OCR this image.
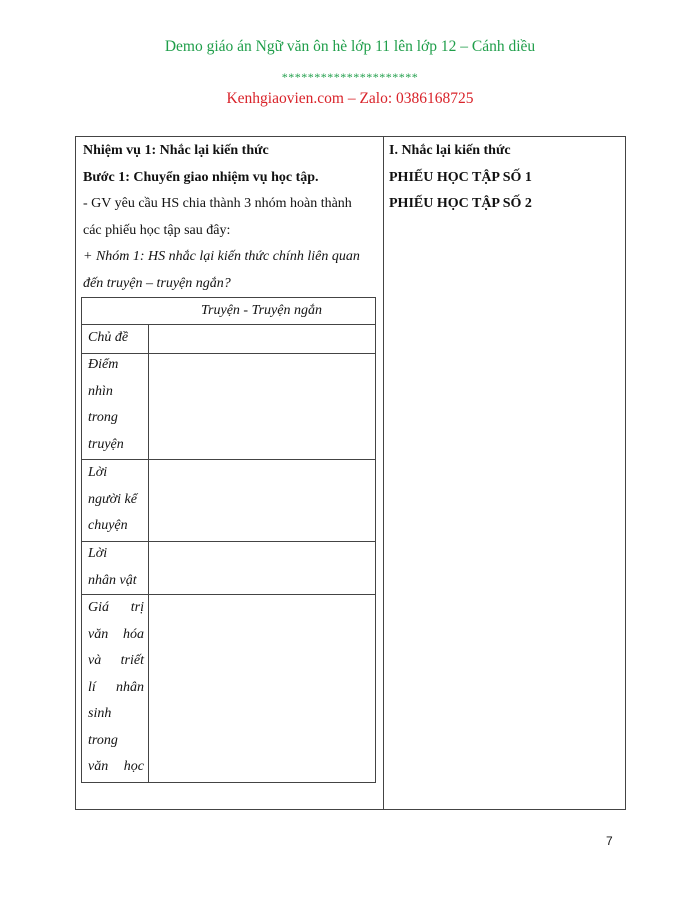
Demo giáo án Ngữ văn ôn hè lớp 11 lên lớp 12 – Cánh diều
*********************
Kenhgiaovien.com – Zalo: 0386168725
Nhiệm vụ 1: Nhắc lại kiến thức
Bước 1: Chuyển giao nhiệm vụ học tập.
- GV yêu cầu HS chia thành 3 nhóm hoàn thành
các phiếu học tập sau đây:
+ Nhóm 1: HS nhắc lại kiến thức chính liên quan
đến truyện – truyện ngắn?
Truyện - Truyện ngắn
Chủ đề
Điểm
nhìn
trong
truyện
Lời
người kể
chuyện
Lời
nhân vật
Giá trị
văn hóa
và triết
lí nhân
sinh
trong
văn học
I. Nhắc lại kiến thức
PHIẾU HỌC TẬP SỐ 1
PHIẾU HỌC TẬP SỐ 2
7
